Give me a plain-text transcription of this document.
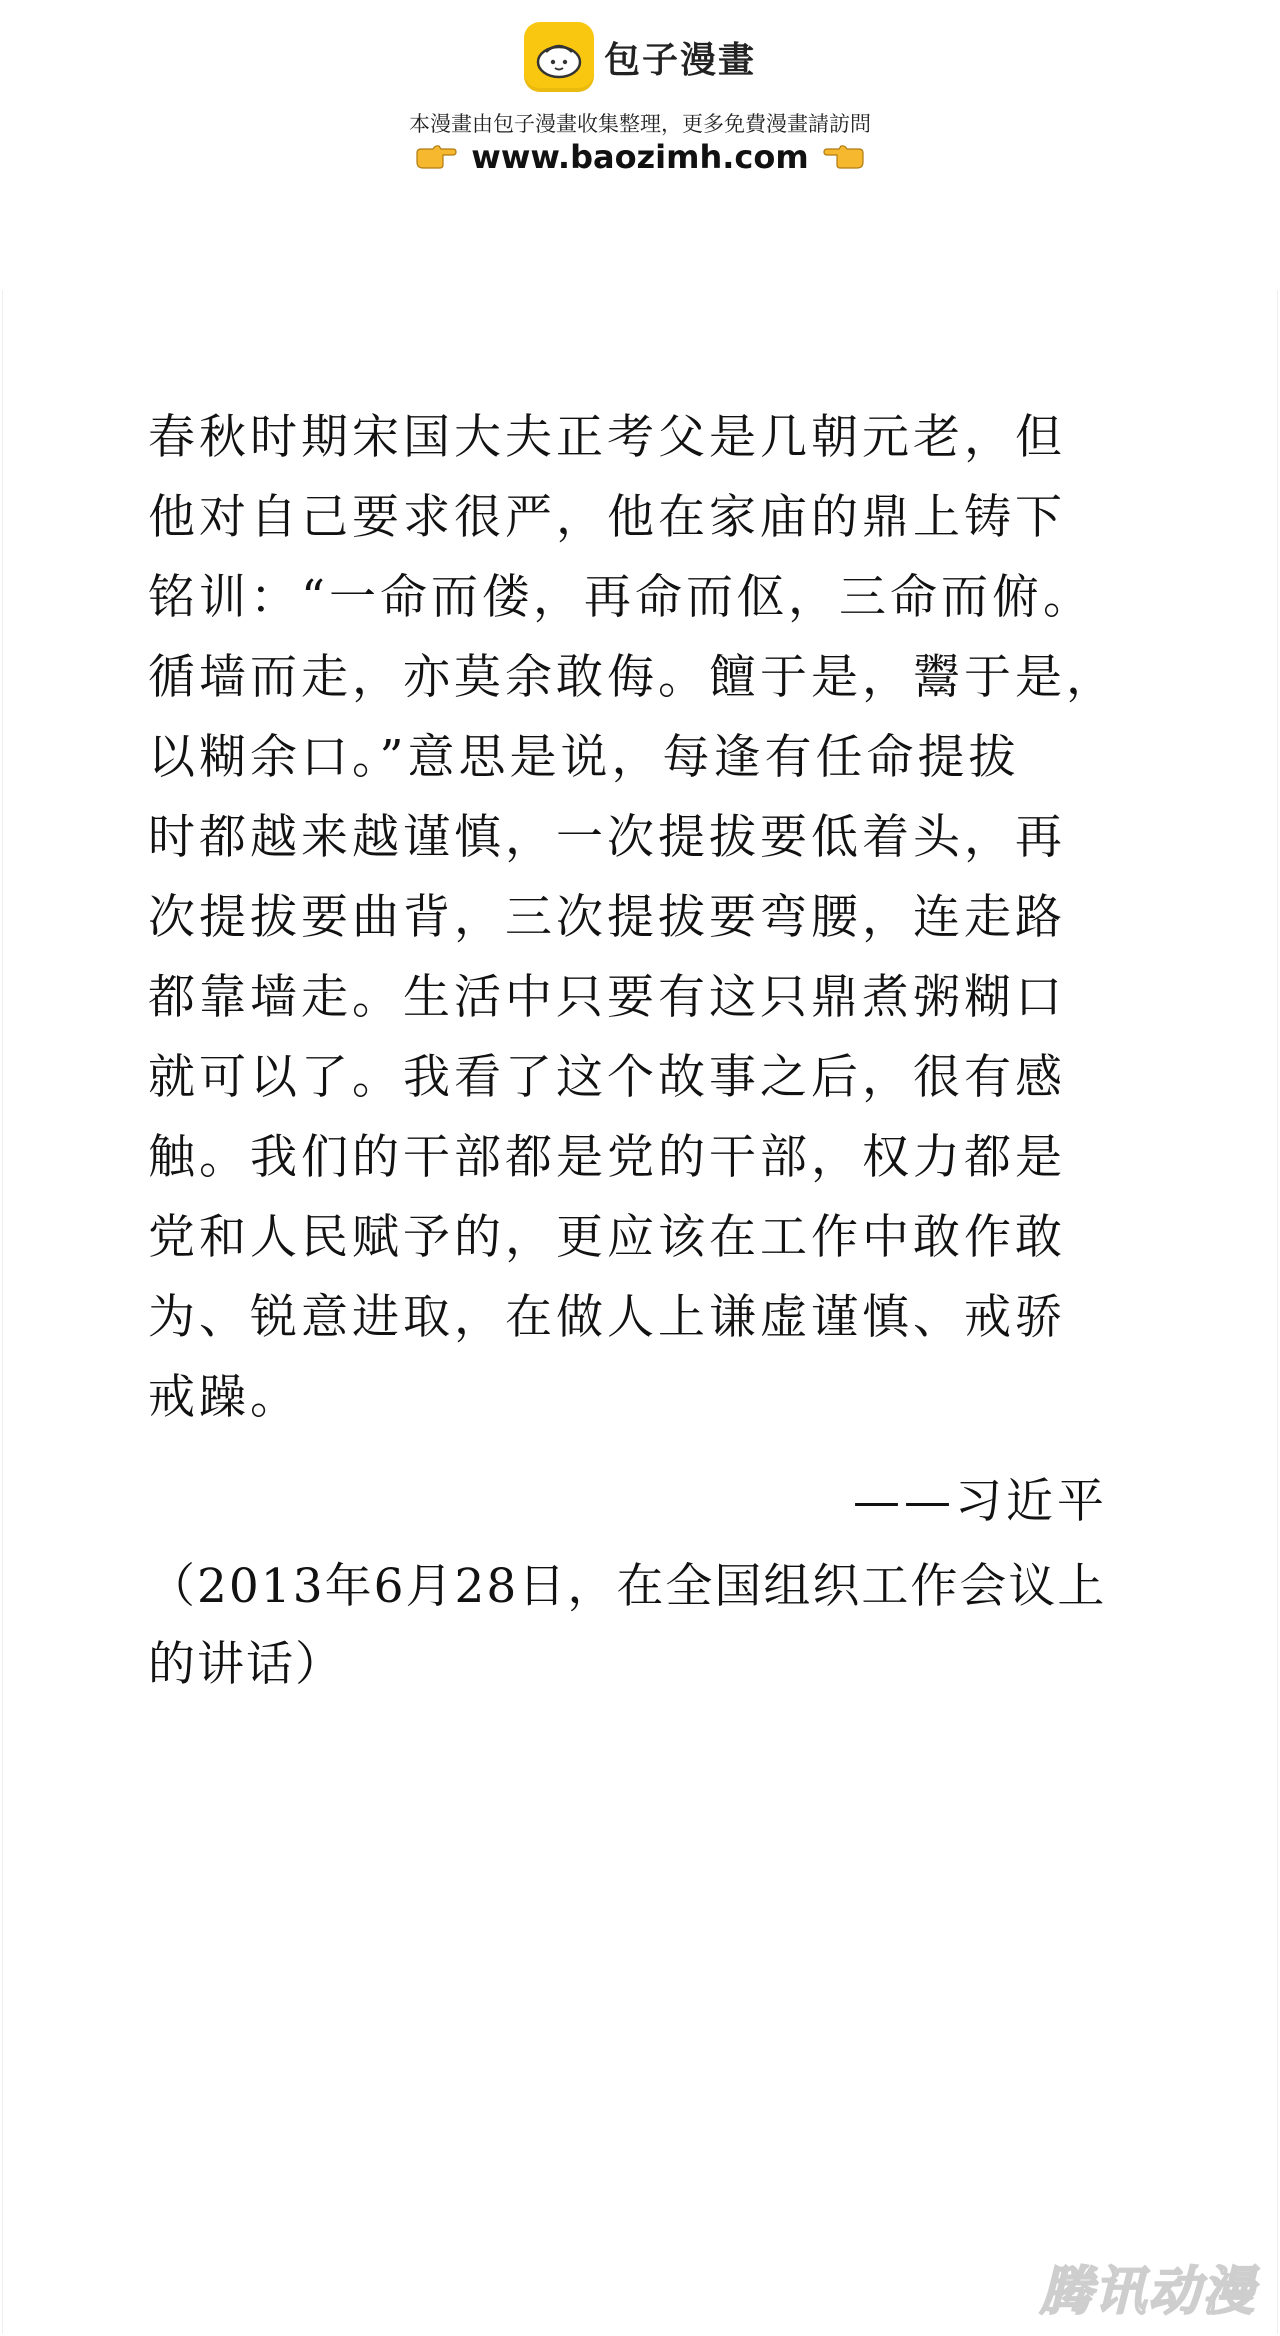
包子漫畫
本漫畫由包子漫畫收集整理，更多免費漫畫請訪問
www.baozimh.com
春秋时期宋国大夫正考父是几朝元老，但
他对自己要求很严，他在家庙的鼎上铸下
铭训：“一命而偻，再命而伛，三命而俯。
循墙而走，亦莫余敢侮。饘于是，鬻于是，
以糊余口。”意思是说，每逢有任命提拔
时都越来越谨慎，一次提拔要低着头，再
次提拔要曲背，三次提拔要弯腰，连走路
都靠墙走。生活中只要有这只鼎煮粥糊口
就可以了。我看了这个故事之后，很有感
触。我们的干部都是党的干部，权力都是
党和人民赋予的，更应该在工作中敢作敢
为、锐意进取，在做人上谦虚谨慎、戒骄
戒躁。
——习近平
（2013年6月28日，在全国组织工作会议上
的讲话）
腾讯动漫
